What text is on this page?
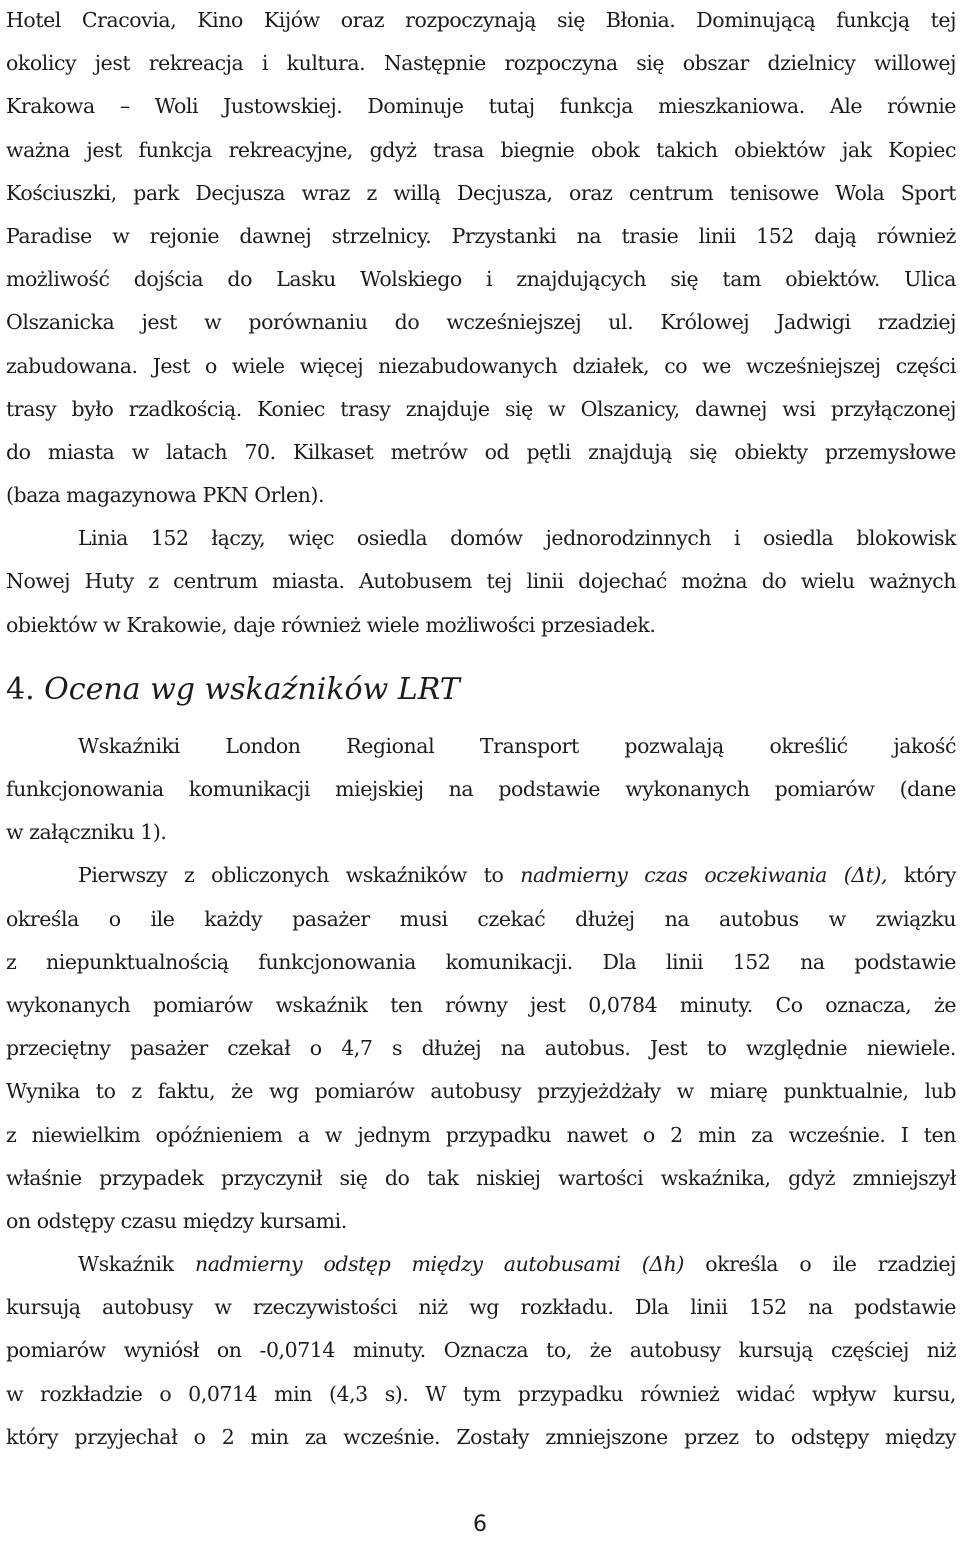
Hotel Cracovia, Kino Kijów oraz rozpoczynają się Błonia. Dominującą funkcją tej
okolicy jest rekreacja i kultura. Następnie rozpoczyna się obszar dzielnicy willowej
Krakowa – Woli Justowskiej. Dominuje tutaj funkcja mieszkaniowa. Ale równie
ważna jest funkcja rekreacyjne, gdyż trasa biegnie obok takich obiektów jak Kopiec
Kościuszki, park Decjusza wraz z willą Decjusza, oraz centrum tenisowe Wola Sport
Paradise w rejonie dawnej strzelnicy. Przystanki na trasie linii 152 dają również
możliwość dojścia do Lasku Wolskiego i znajdujących się tam obiektów. Ulica
Olszanicka jest w porównaniu do wcześniejszej ul. Królowej Jadwigi rzadziej
zabudowana. Jest o wiele więcej niezabudowanych działek, co we wcześniejszej części
trasy było rzadkością. Koniec trasy znajduje się w Olszanicy, dawnej wsi przyłączonej
do miasta w latach 70. Kilkaset metrów od pętli znajdują się obiekty przemysłowe
(baza magazynowa PKN Orlen).
Linia 152 łączy, więc osiedla domów jednorodzinnych i osiedla blokowisk
Nowej Huty z centrum miasta. Autobusem tej linii dojechać można do wielu ważnych
obiektów w Krakowie, daje również wiele możliwości przesiadek.
4. Ocena wg wskaźników LRT
Wskaźniki London Regional Transport pozwalają określić jakość
funkcjonowania komunikacji miejskiej na podstawie wykonanych pomiarów (dane
w załączniku 1).
Pierwszy z obliczonych wskaźników to nadmierny czas oczekiwania (Δt), który
określa o ile każdy pasażer musi czekać dłużej na autobus w związku
z niepunktualnością funkcjonowania komunikacji. Dla linii 152 na podstawie
wykonanych pomiarów wskaźnik ten równy jest 0,0784 minuty. Co oznacza, że
przeciętny pasażer czekał o 4,7 s dłużej na autobus. Jest to względnie niewiele.
Wynika to z faktu, że wg pomiarów autobusy przyjeżdżały w miarę punktualnie, lub
z niewielkim opóźnieniem a w jednym przypadku nawet o 2 min za wcześnie. I ten
właśnie przypadek przyczynił się do tak niskiej wartości wskaźnika, gdyż zmniejszył
on odstępy czasu między kursami.
Wskaźnik nadmierny odstęp między autobusami (Δh) określa o ile rzadziej
kursują autobusy w rzeczywistości niż wg rozkładu. Dla linii 152 na podstawie
pomiarów wyniósł on -0,0714 minuty. Oznacza to, że autobusy kursują częściej niż
w rozkładzie o 0,0714 min (4,3 s). W tym przypadku również widać wpływ kursu,
który przyjechał o 2 min za wcześnie. Zostały zmniejszone przez to odstępy między
6
